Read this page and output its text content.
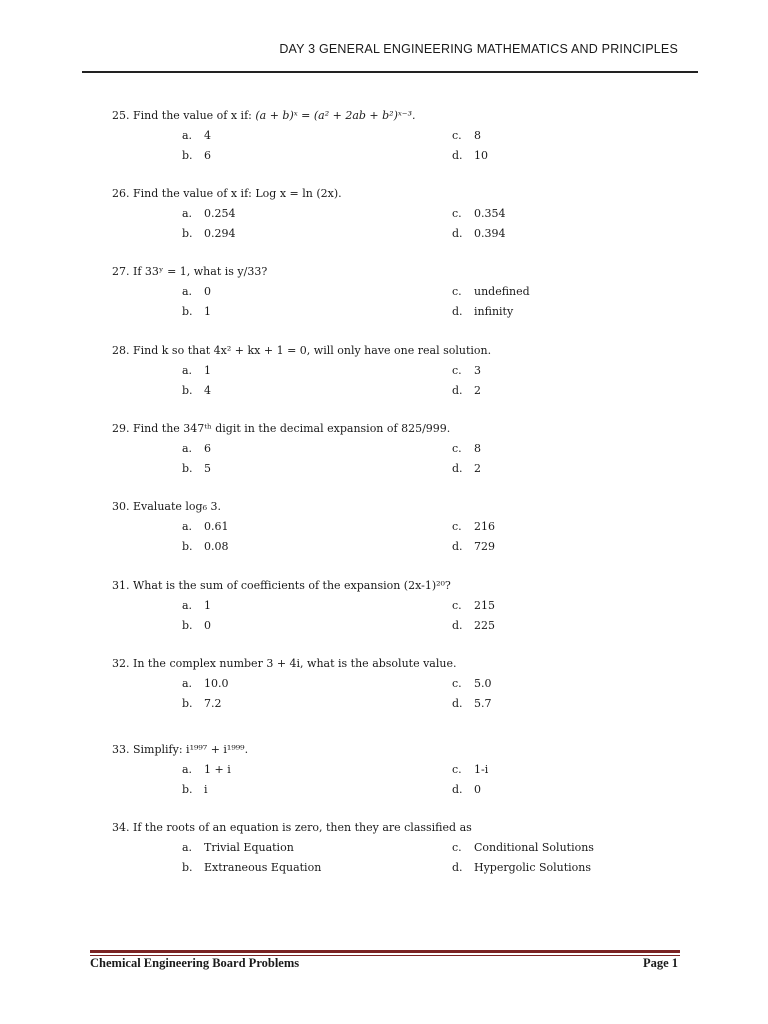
DAY 3 GENERAL ENGINEERING MATHEMATICS AND PRINCIPLES
25. Find the value of x if: (a + b)ˣ = (a² + 2ab + b²)ˣ⁻³.
a. 4	c. 8
b. 6	d. 10
26. Find the value of x if: Log x = ln (2x).
a. 0.254	c. 0.354
b. 0.294	d. 0.394
27. If 33ʸ = 1, what is y/33?
a. 0	c. undefined
b. 1	d. infinity
28. Find k so that 4x² + kx + 1 = 0, will only have one real solution.
a. 1	c. 3
b. 4	d. 2
29. Find the 347ᵗʰ digit in the decimal expansion of 825/999.
a. 6	c. 8
b. 5	d. 2
30. Evaluate log₆ 3.
a. 0.61	c. 216
b. 0.08	d. 729
31. What is the sum of coefficients of the expansion (2x-1)²⁰?
a. 1	c. 215
b. 0	d. 225
32. In the complex number 3 + 4i, what is the absolute value.
a. 10.0	c. 5.0
b. 7.2	d. 5.7
33. Simplify: i¹⁹⁹⁷ + i¹⁹⁹⁹.
a. 1 + i	c. 1-i
b. i	d. 0
34. If the roots of an equation is zero, then they are classified as
a. Trivial Equation	c. Conditional Solutions
b. Extraneous Equation	d. Hypergolic Solutions
Chemical Engineering Board Problems	Page 1
